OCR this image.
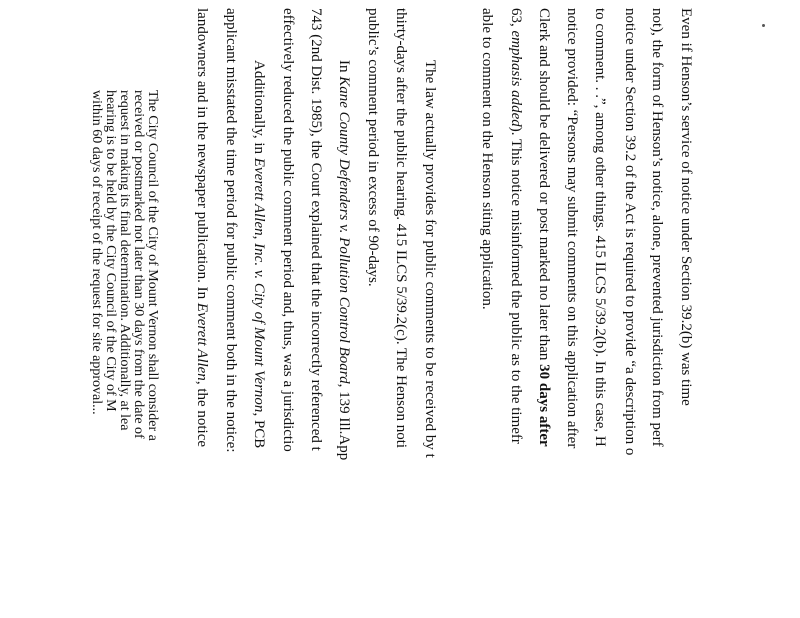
Even if Henson’s service of notice under Section 39.2(b) was time
not), the form of Henson’s notice, alone, prevented jurisdiction from perf
notice under Section 39.2 of the Act is required to provide “a description o
to comment. . .”, among other things. 415 ILCS 5/39.2(b). In this case, H
notice provided: “Persons may submit comments on this application after
Clerk and should be delivered or post marked no later than 30 days after
63, emphasis added). This notice misinformed the public as to the timefr
able to comment on the Henson siting application.
The law actually provides for public comments to be received by t
thirty-days after the public hearing. 415 ILCS 5/39.2(c). The Henson noti
public’s comment period in excess of 90-days.
In Kane County Defenders v. Pollution Control Board, 139 Ill.App
743 (2nd Dist. 1985), the Court explained that the incorrectly referenced t
effectively reduced the public comment period and, thus, was a jurisdictio
Additionally, in Everett Allen, Inc. v. City of Mount Vernon, PCB
applicant misstated the time period for public comment both in the notice:
landowners and in the newspaper publication. In Everett Allen, the notice
The City Council of the City of Mount Vernon shall consider a
received or postmarked not later than 30 days from the date of
request in making its final determination. Additionally, at lea
hearing is to be held by the City Council of the City of M
within 60 days of receipt of the request for site approval...
